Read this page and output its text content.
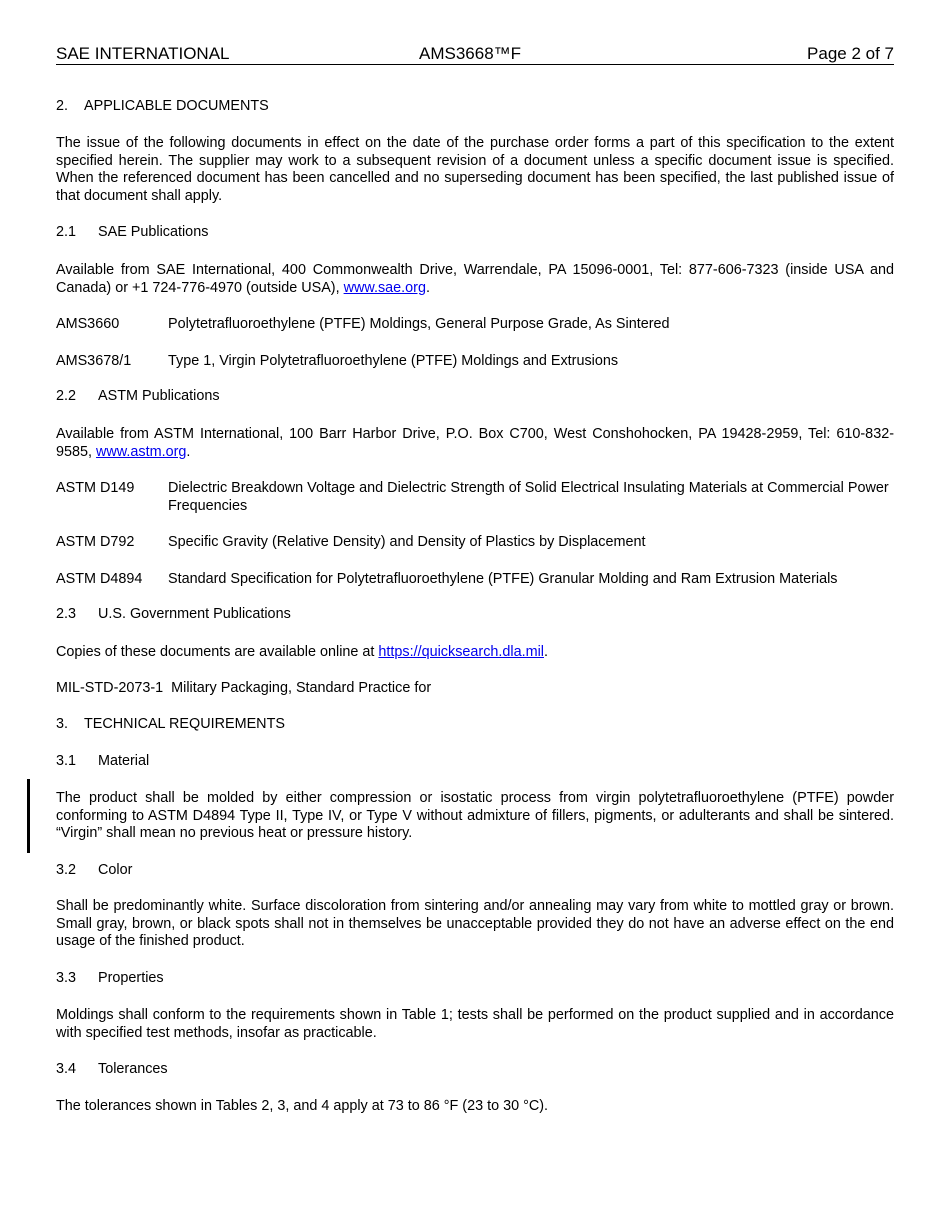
SAE INTERNATIONAL	AMS3668™F	Page 2 of 7
2. APPLICABLE DOCUMENTS
The issue of the following documents in effect on the date of the purchase order forms a part of this specification to the extent specified herein. The supplier may work to a subsequent revision of a document unless a specific document issue is specified. When the referenced document has been cancelled and no superseding document has been specified, the last published issue of that document shall apply.
2.1 SAE Publications
Available from SAE International, 400 Commonwealth Drive, Warrendale, PA 15096-0001, Tel: 877-606-7323 (inside USA and Canada) or +1 724-776-4970 (outside USA), www.sae.org.
AMS3660	Polytetrafluoroethylene (PTFE) Moldings, General Purpose Grade, As Sintered
AMS3678/1	Type 1, Virgin Polytetrafluoroethylene (PTFE) Moldings and Extrusions
2.2 ASTM Publications
Available from ASTM International, 100 Barr Harbor Drive, P.O. Box C700, West Conshohocken, PA 19428-2959, Tel: 610-832-9585, www.astm.org.
ASTM D149	Dielectric Breakdown Voltage and Dielectric Strength of Solid Electrical Insulating Materials at Commercial Power Frequencies
ASTM D792	Specific Gravity (Relative Density) and Density of Plastics by Displacement
ASTM D4894	Standard Specification for Polytetrafluoroethylene (PTFE) Granular Molding and Ram Extrusion Materials
2.3 U.S. Government Publications
Copies of these documents are available online at https://quicksearch.dla.mil.
MIL-STD-2073-1 Military Packaging, Standard Practice for
3. TECHNICAL REQUIREMENTS
3.1 Material
The product shall be molded by either compression or isostatic process from virgin polytetrafluoroethylene (PTFE) powder conforming to ASTM D4894 Type II, Type IV, or Type V without admixture of fillers, pigments, or adulterants and shall be sintered. “Virgin” shall mean no previous heat or pressure history.
3.2 Color
Shall be predominantly white. Surface discoloration from sintering and/or annealing may vary from white to mottled gray or brown. Small gray, brown, or black spots shall not in themselves be unacceptable provided they do not have an adverse effect on the end usage of the finished product.
3.3 Properties
Moldings shall conform to the requirements shown in Table 1; tests shall be performed on the product supplied and in accordance with specified test methods, insofar as practicable.
3.4 Tolerances
The tolerances shown in Tables 2, 3, and 4 apply at 73 to 86 °F (23 to 30 °C).
